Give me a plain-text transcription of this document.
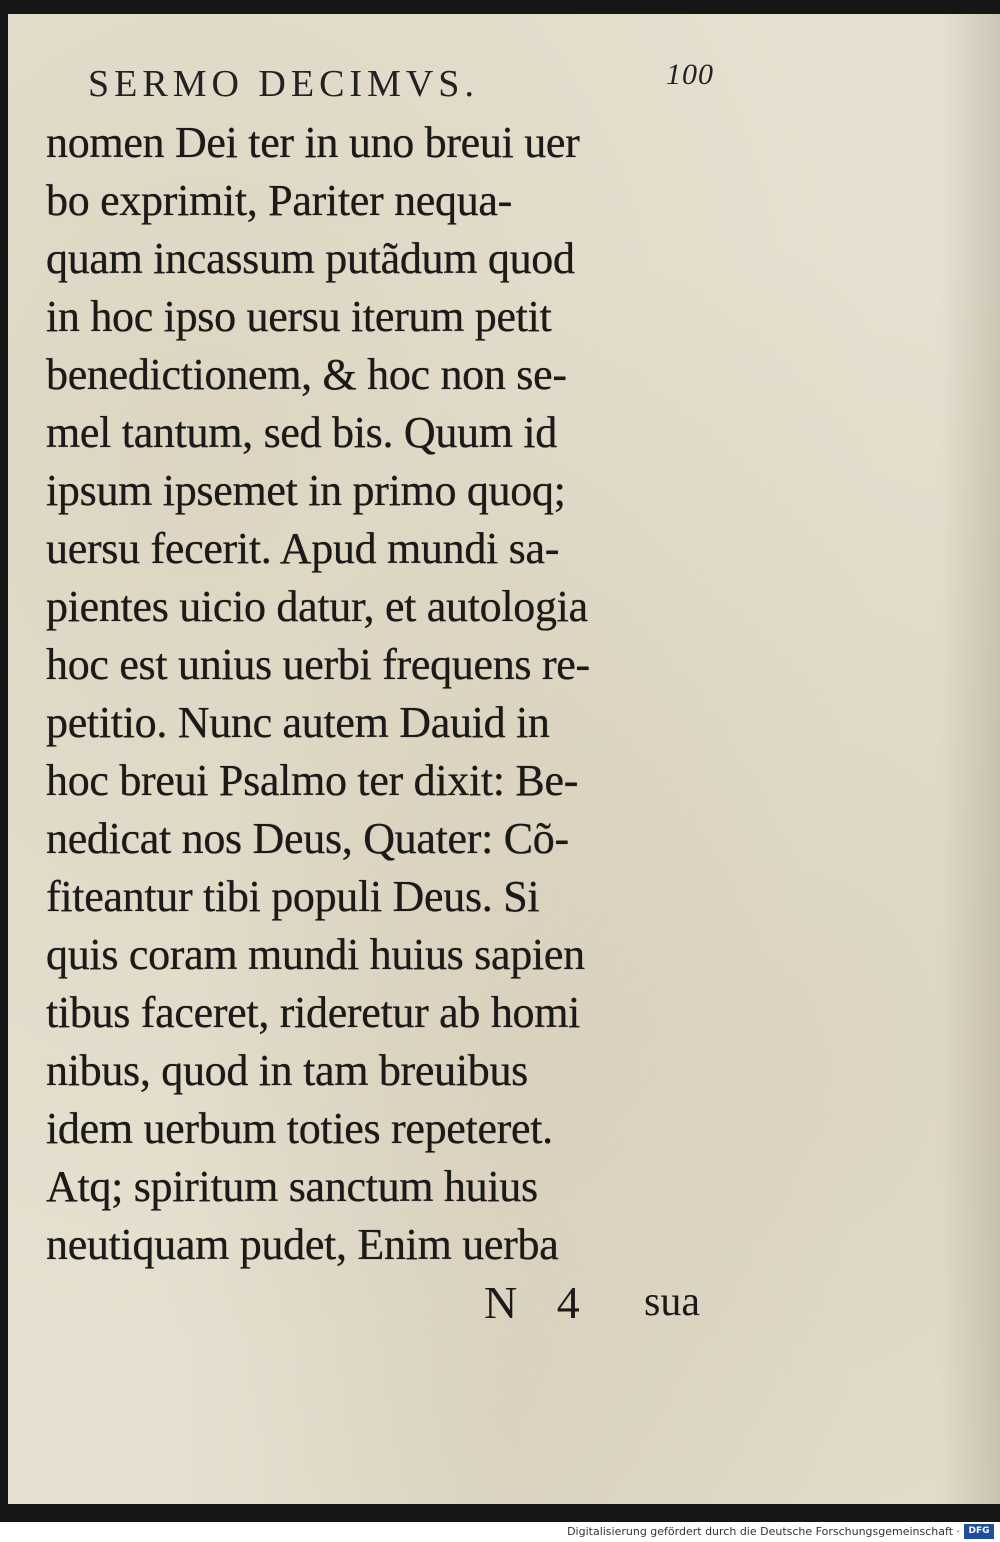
SERMO DECIMVS.	100
nomen Dei ter in uno breui uer
bo exprimit, Pariter nequa-
quam incassum putãdum quod
in hoc ipso uersu iterum petit
benedictionem, & hoc non se-
mel tantum, sed bis. Quum id
ipsum ipsemet in primo quoq;
uersu fecerit. Apud mundi sa-
pientes uicio datur, et autologia
hoc est unius uerbi frequens re-
petitio. Nunc autem Dauid in
hoc breui Psalmo ter dixit: Be-
nedicat nos Deus, Quater: Cõ-
fiteantur tibi populi Deus. Si
quis coram mundi huius sapien
tibus faceret, rideretur ab homi
nibus, quod in tam breuibus
idem uerbum toties repeteret.
Atq; spiritum sanctum huius
neutiquam pudet, Enim uerba
N 4 sua
Digitalisierung gefördert durch die Deutsche Forschungsgemeinschaft · DFG
